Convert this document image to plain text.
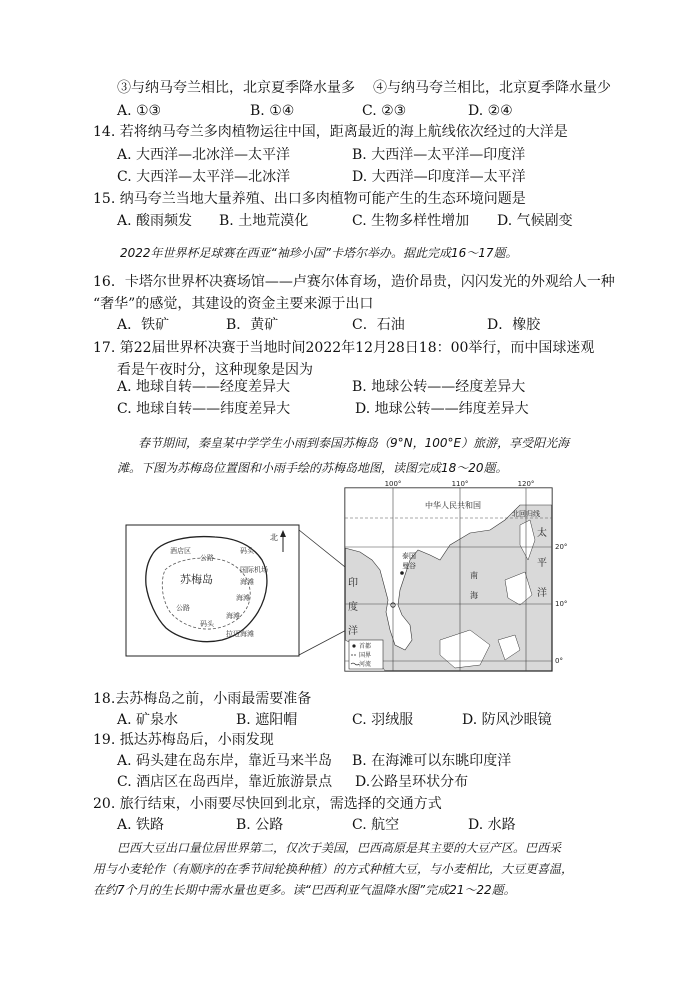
③与纳马夸兰相比，北京夏季降水量多 ④与纳马夸兰相比，北京夏季降水量少
A. ①③	B. ①④	C. ②③	D. ②④
14. 若将纳马夸兰多肉植物运往中国，距离最近的海上航线依次经过的大洋是
A. 大西洋—北冰洋—太平洋	B. 大西洋—太平洋—印度洋
C. 大西洋—太平洋—北冰洋	D. 大西洋—印度洋—太平洋
15. 纳马夸兰当地大量养殖、出口多肉植物可能产生的生态环境问题是
A. 酸雨频发 B. 土地荒漠化	C. 生物多样性增加 D. 气候剧变
2022年世界杯足球赛在西亚“袖珍小国”卡塔尔举办。据此完成16～17题。
16．卡塔尔世界杯决赛场馆——卢赛尔体育场，造价昂贵，闪闪发光的外观给人一种
“奢华”的感觉，其建设的资金主要来源于出口
A．铁矿	B．黄矿	C．石油	D．橡胶
17. 第22届世界杯决赛于当地时间2022年12月28日18：00举行，而中国球迷观
看是午夜时分，这种现象是因为
A. 地球自转——经度差异大	B. 地球公转——经度差异大
C. 地球自转——纬度差异大	D. 地球公转——纬度差异大
春节期间，秦皇某中学学生小雨到泰国苏梅岛（9°N，100°E）旅游，享受阳光海
滩。下图为苏梅岛位置图和小雨手绘的苏梅岛地图，读图完成18～20题。
苏梅岛
北
酒店区
公路
码头
国际机场
海滩
公路
海滩
码头
海滩
拉迈海滩
100°	110°	120°
20°
10°
0°
中华人民共和国
北回归线
太
平
洋
印
度
洋
南
海
泰国
曼谷
首都
国界
河流
18.去苏梅岛之前，小雨最需要准备
A. 矿泉水	B. 遮阳帽	C. 羽绒服	D. 防风沙眼镜
19. 抵达苏梅岛后，小雨发现
A. 码头建在岛东岸，靠近马来半岛 B. 在海滩可以东眺印度洋
C. 酒店区在岛西岸，靠近旅游景点 D.公路呈环状分布
20. 旅行结束，小雨要尽快回到北京，需选择的交通方式
A. 铁路	B. 公路	C. 航空	D. 水路
巴西大豆出口量位居世界第二，仅次于美国，巴西高原是其主要的大豆产区。巴西采
用与小麦轮作（有顺序的在季节间轮换种植）的方式种植大豆，与小麦相比，大豆更喜温，
在约7个月的生长期中需水量也更多。读“巴西利亚气温降水图”完成21～22题。
